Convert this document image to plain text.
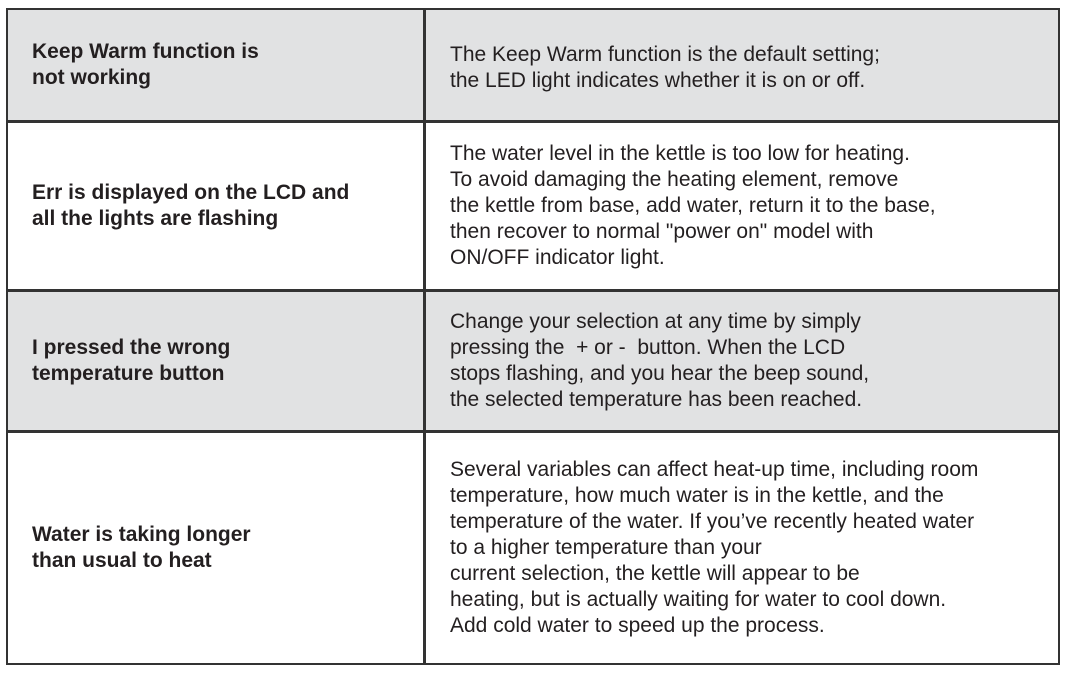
Keep Warm function is
not working
The Keep Warm function is the default setting;
the LED light indicates whether it is on or off.
Err is displayed on the LCD and
all the lights are flashing
The water level in the kettle is too low for heating.
To avoid damaging the heating element, remove
the kettle from base, add water, return it to the base,
then recover to normal "power on" model with
ON/OFF indicator light.
I pressed the wrong
temperature button
Change your selection at any time by simply
pressing the  + or -  button. When the LCD
stops flashing, and you hear the beep sound,
the selected temperature has been reached.
Water is taking longer
than usual to heat
Several variables can affect heat-up time, including room
temperature, how much water is in the kettle, and the
temperature of the water. If you’ve recently heated water
to a higher temperature than your
current selection, the kettle will appear to be
heating, but is actually waiting for water to cool down.
Add cold water to speed up the process.
